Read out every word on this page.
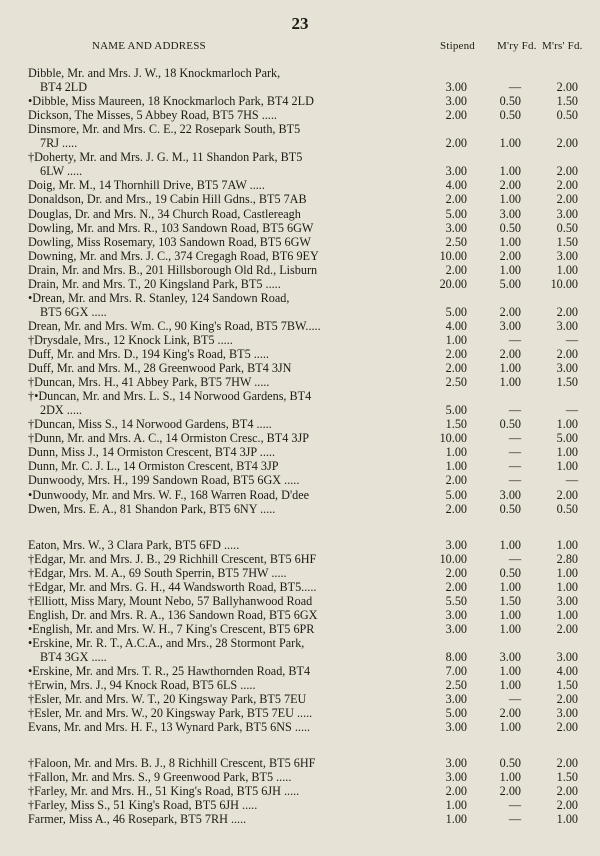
23
NAME AND ADDRESS	Stipend M'ry Fd. M'rs' Fd.
Dibble, Mr. and Mrs. J. W., 18 Knockmarloch Park,
BT4 2LD	3.00	—	2.00
•Dibble, Miss Maureen, 18 Knockmarloch Park, BT4 2LD	3.00	0.50	1.50
Dickson, The Misses, 5 Abbey Road, BT5 7HS .....	2.00	0.50	0.50
Dinsmore, Mr. and Mrs. C. E., 22 Rosepark South, BT5
7RJ .....	2.00	1.00	2.00
†Doherty, Mr. and Mrs. J. G. M., 11 Shandon Park, BT5
6LW .....	3.00	1.00	2.00
Doig, Mr. M., 14 Thornhill Drive, BT5 7AW .....	4.00	2.00	2.00
Donaldson, Dr. and Mrs., 19 Cabin Hill Gdns., BT5 7AB	2.00	1.00	2.00
Douglas, Dr. and Mrs. N., 34 Church Road, Castlereagh	5.00	3.00	3.00
Dowling, Mr. and Mrs. R., 103 Sandown Road, BT5 6GW	3.00	0.50	0.50
Dowling, Miss Rosemary, 103 Sandown Road, BT5 6GW	2.50	1.00	1.50
Downing, Mr. and Mrs. J. C., 374 Cregagh Road, BT6 9EY	10.00	2.00	3.00
Drain, Mr. and Mrs. B., 201 Hillsborough Old Rd., Lisburn	2.00	1.00	1.00
Drain, Mr. and Mrs. T., 20 Kingsland Park, BT5 .....	20.00	5.00	10.00
•Drean, Mr. and Mrs. R. Stanley, 124 Sandown Road,
BT5 6GX .....	5.00	2.00	2.00
Drean, Mr. and Mrs. Wm. C., 90 King's Road, BT5 7BW.....	4.00	3.00	3.00
†Drysdale, Mrs., 12 Knock Link, BT5 .....	1.00	—	—
Duff, Mr. and Mrs. D., 194 King's Road, BT5 .....	2.00	2.00	2.00
Duff, Mr. and Mrs. M., 28 Greenwood Park, BT4 3JN	2.00	1.00	3.00
†Duncan, Mrs. H., 41 Abbey Park, BT5 7HW .....	2.50	1.00	1.50
†•Duncan, Mr. and Mrs. L. S., 14 Norwood Gardens, BT4
2DX .....	5.00	—	—
†Duncan, Miss S., 14 Norwood Gardens, BT4 .....	1.50	0.50	1.00
†Dunn, Mr. and Mrs. A. C., 14 Ormiston Cresc., BT4 3JP	10.00	—	5.00
Dunn, Miss J., 14 Ormiston Crescent, BT4 3JP .....	1.00	—	1.00
Dunn, Mr. C. J. L., 14 Ormiston Crescent, BT4 3JP	1.00	—	1.00
Dunwoody, Mrs. H., 199 Sandown Road, BT5 6GX .....	2.00	—	—
•Dunwoody, Mr. and Mrs. W. F., 168 Warren Road, D'dee	5.00	3.00	2.00
Dwen, Mrs. E. A., 81 Shandon Park, BT5 6NY .....	2.00	0.50	0.50
Eaton, Mrs. W., 3 Clara Park, BT5 6FD .....	3.00	1.00	1.00
†Edgar, Mr. and Mrs. J. B., 29 Richhill Crescent, BT5 6HF	10.00	—	2.80
†Edgar, Mrs. M. A., 69 South Sperrin, BT5 7HW .....	2.00	0.50	1.00
†Edgar, Mr. and Mrs. G. H., 44 Wandsworth Road, BT5.....	2.00	1.00	1.00
†Elliott, Miss Mary, Mount Nebo, 57 Ballyhanwood Road	5.50	1.50	3.00
English, Dr. and Mrs. R. A., 136 Sandown Road, BT5 6GX	3.00	1.00	1.00
•English, Mr. and Mrs. W. H., 7 King's Crescent, BT5 6PR	3.00	1.00	2.00
•Erskine, Mr. R. T., A.C.A., and Mrs., 28 Stormont Park,
BT4 3GX .....	8.00	3.00	3.00
•Erskine, Mr. and Mrs. T. R., 25 Hawthornden Road, BT4	7.00	1.00	4.00
†Erwin, Mrs. J., 94 Knock Road, BT5 6LS .....	2.50	1.00	1.50
†Esler, Mr. and Mrs. W. T., 20 Kingsway Park, BT5 7EU	3.00	—	2.00
†Esler, Mr. and Mrs. W., 20 Kingsway Park, BT5 7EU .....	5.00	2.00	3.00
Evans, Mr. and Mrs. H. F., 13 Wynard Park, BT5 6NS .....	3.00	1.00	2.00
†Faloon, Mr. and Mrs. B. J., 8 Richhill Crescent, BT5 6HF	3.00	0.50	2.00
†Fallon, Mr. and Mrs. S., 9 Greenwood Park, BT5 .....	3.00	1.00	1.50
†Farley, Mr. and Mrs. H., 51 King's Road, BT5 6JH .....	2.00	2.00	2.00
†Farley, Miss S., 51 King's Road, BT5 6JH .....	1.00	—	2.00
Farmer, Miss A., 46 Rosepark, BT5 7RH .....	1.00	—	1.00
